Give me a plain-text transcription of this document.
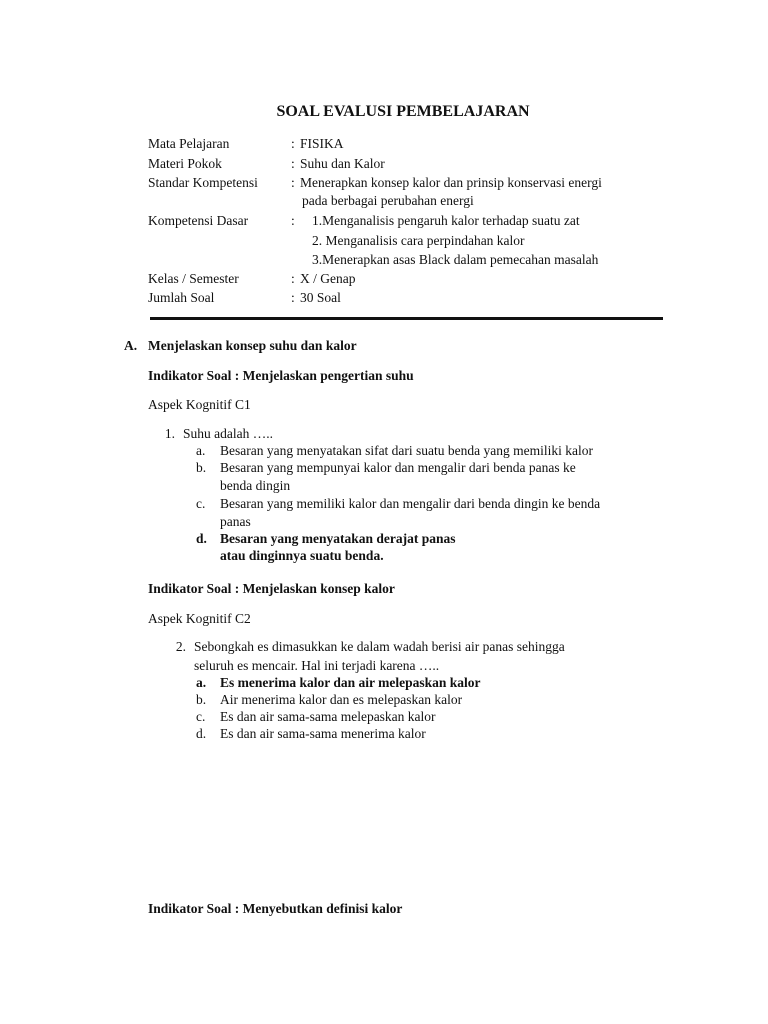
SOAL EVALUSI PEMBELAJARAN
Mata Pelajaran	: FISIKA
Materi Pokok	: Suhu dan Kalor
Standar Kompetensi : Menerapkan konsep kalor dan prinsip konservasi energi
pada berbagai perubahan energi
Kompetensi Dasar	: 1.Menganalisis pengaruh kalor terhadap suatu zat
2. Menganalisis cara perpindahan kalor
3.Menerapkan asas Black dalam pemecahan masalah
Kelas / Semester	: X / Genap
Jumlah Soal	: 30 Soal
A. Menjelaskan konsep suhu dan kalor
Indikator Soal : Menjelaskan pengertian suhu
Aspek Kognitif C1
1. Suhu adalah …..
a.	Besaran yang menyatakan sifat dari suatu benda yang memiliki kalor
b. Besaran yang mempunyai kalor dan mengalir dari benda panas ke
benda dingin
c.	Besaran yang memiliki kalor dan mengalir dari benda dingin ke benda
panas
d. Besaran yang menyatakan derajat panas
atau dinginnya suatu benda.
Indikator Soal : Menjelaskan konsep kalor
Aspek Kognitif C2
2. Sebongkah es dimasukkan ke dalam wadah berisi air panas sehingga
seluruh es mencair. Hal ini terjadi karena …..
a. Es menerima kalor dan air melepaskan kalor
b. Air menerima kalor dan es melepaskan kalor
c.	Es dan air sama-sama melepaskan kalor
d. Es dan air sama-sama menerima kalor
Indikator Soal : Menyebutkan definisi kalor
